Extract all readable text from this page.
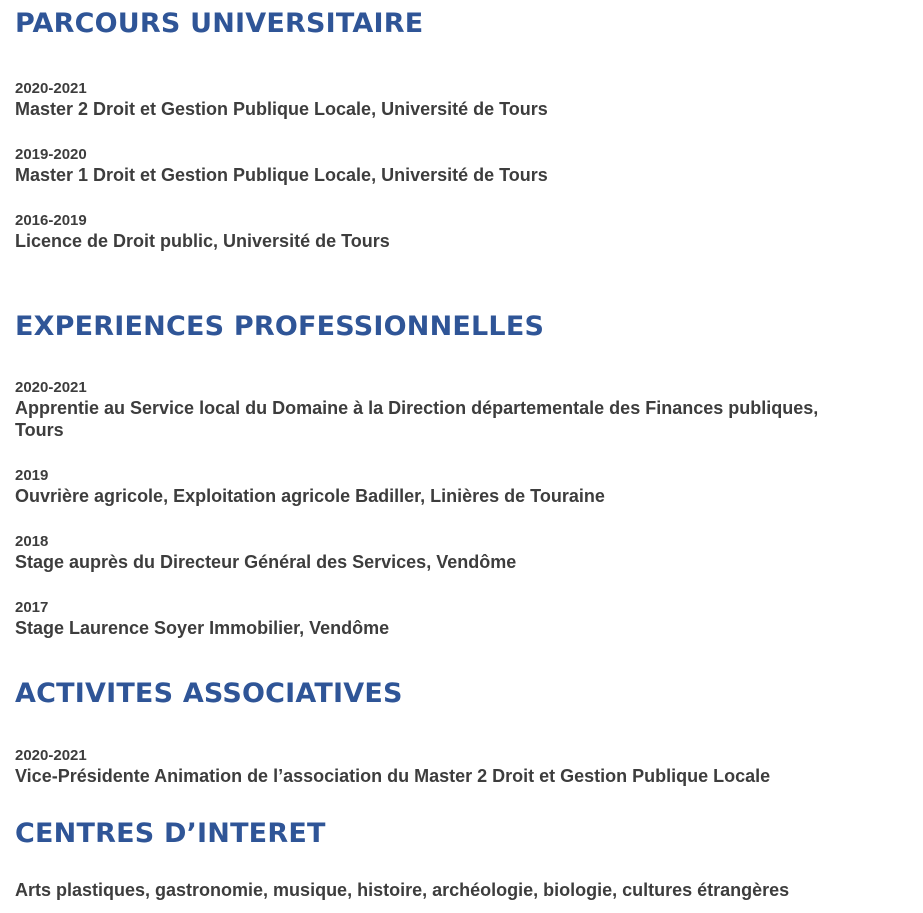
PARCOURS UNIVERSITAIRE
2020-2021
Master 2 Droit et Gestion Publique Locale, Université de Tours
2019-2020
Master 1 Droit et Gestion Publique Locale, Université de Tours
2016-2019
Licence de Droit public, Université de Tours
EXPERIENCES PROFESSIONNELLES
2020-2021
Apprentie au Service local du Domaine à la Direction départementale des Finances publiques,
Tours
2019
Ouvrière agricole, Exploitation agricole Badiller, Linières de Touraine
2018
Stage auprès du Directeur Général des Services, Vendôme
2017
Stage Laurence Soyer Immobilier, Vendôme
ACTIVITES ASSOCIATIVES
2020-2021
Vice-Présidente Animation de l’association du Master 2 Droit et Gestion Publique Locale
CENTRES D’INTERET
Arts plastiques, gastronomie, musique, histoire, archéologie, biologie, cultures étrangères
